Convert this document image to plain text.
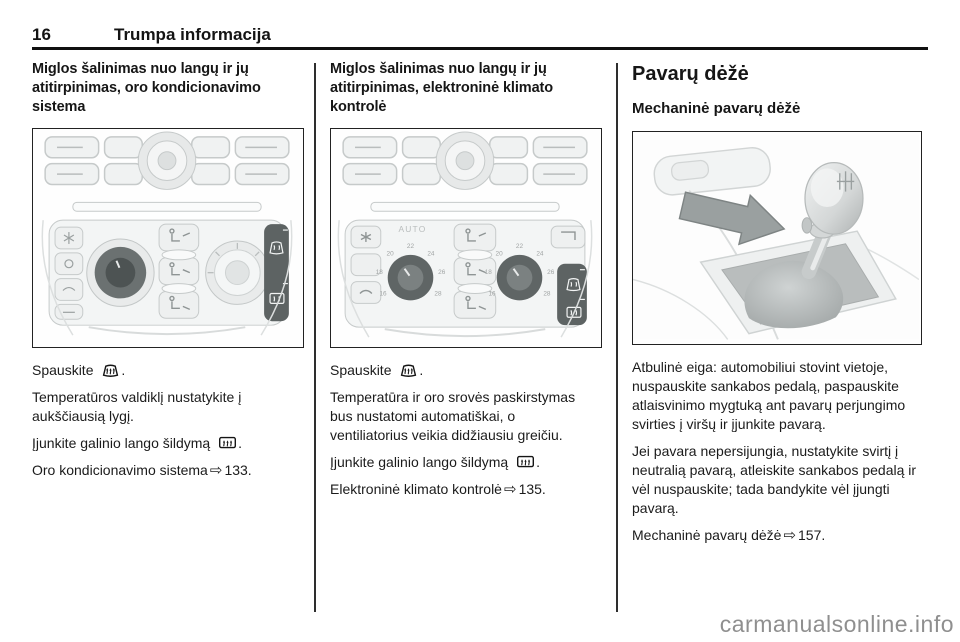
16	Trumpa informacija
Miglos šalinimas nuo langų ir jų atitirpinimas, oro kondicionavimo sistema

Spauskite .

Temperatūros valdiklį nustatykite į aukščiausią lygį.

Įjunkite galinio lango šildymą .

Oro kondicionavimo sistema ⇨ 133.

Miglos šalinimas nuo langų ir jų atitirpinimas, elektroninė klimato kontrolė
AUTO
16
18
20
22
24
26
28	16
18
20
22
24
26
28

Spauskite .

Temperatūra ir oro srovės paskirstymas bus nustatomi automatiškai, o ventiliatorius veikia didžiausiu greičiu.

Įjunkite galinio lango šildymą .

Elektroninė klimato kontrolė ⇨ 135.

Pavarų dėžė
Mechaninė pavarų dėžė

Atbulinė eiga: automobiliui stovint vietoje, nuspauskite sankabos pedalą, paspauskite atlaisvinimo mygtuką ant pavarų perjungimo svirties į viršų ir įjunkite pavarą.

Jei pavara nepersijungia, nustatykite svirtį į neutralią pavarą, atleiskite sankabos pedalą ir vėl nuspauskite; tada bandykite vėl įjungti pavarą.

Mechaninė pavarų dėžė ⇨ 157.

carmanualsonline.info
